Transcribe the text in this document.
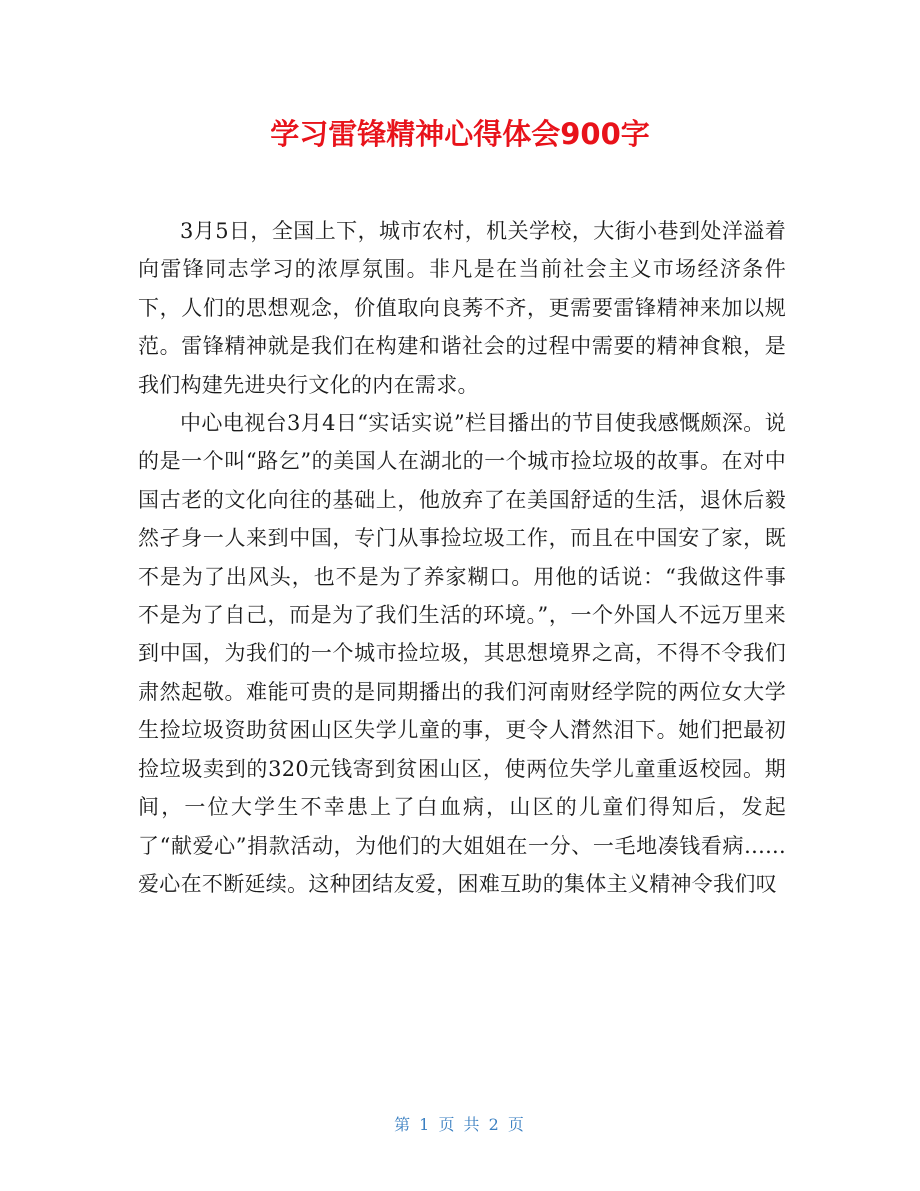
学习雷锋精神心得体会900字

3月5日，全国上下，城市农村，机关学校，大街小巷到处洋溢着向雷锋同志学习的浓厚氛围。非凡是在当前社会主义市场经济条件下，人们的思想观念，价值取向良莠不齐，更需要雷锋精神来加以规范。雷锋精神就是我们在构建和谐社会的过程中需要的精神食粮，是我们构建先进央行文化的内在需求。

中心电视台3月4日“实话实说”栏目播出的节目使我感慨颇深。说的是一个叫“路乞”的美国人在湖北的一个城市捡垃圾的故事。在对中国古老的文化向往的基础上，他放弃了在美国舒适的生活，退休后毅然孑身一人来到中国，专门从事捡垃圾工作，而且在中国安了家，既不是为了出风头，也不是为了养家糊口。用他的话说：“我做这件事不是为了自己，而是为了我们生活的环境。”，一个外国人不远万里来到中国，为我们的一个城市捡垃圾，其思想境界之高，不得不令我们肃然起敬。难能可贵的是同期播出的我们河南财经学院的两位女大学生捡垃圾资助贫困山区失学儿童的事，更令人潸然泪下。她们把最初捡垃圾卖到的320元钱寄到贫困山区，使两位失学儿童重返校园。期间，一位大学生不幸患上了白血病，山区的儿童们得知后，发起了“献爱心”捐款活动，为他们的大姐姐在一分、一毛地凑钱看病......爱心在不断延续。这种团结友爱，困难互助的集体主义精神令我们叹

第 1 页 共 2 页
